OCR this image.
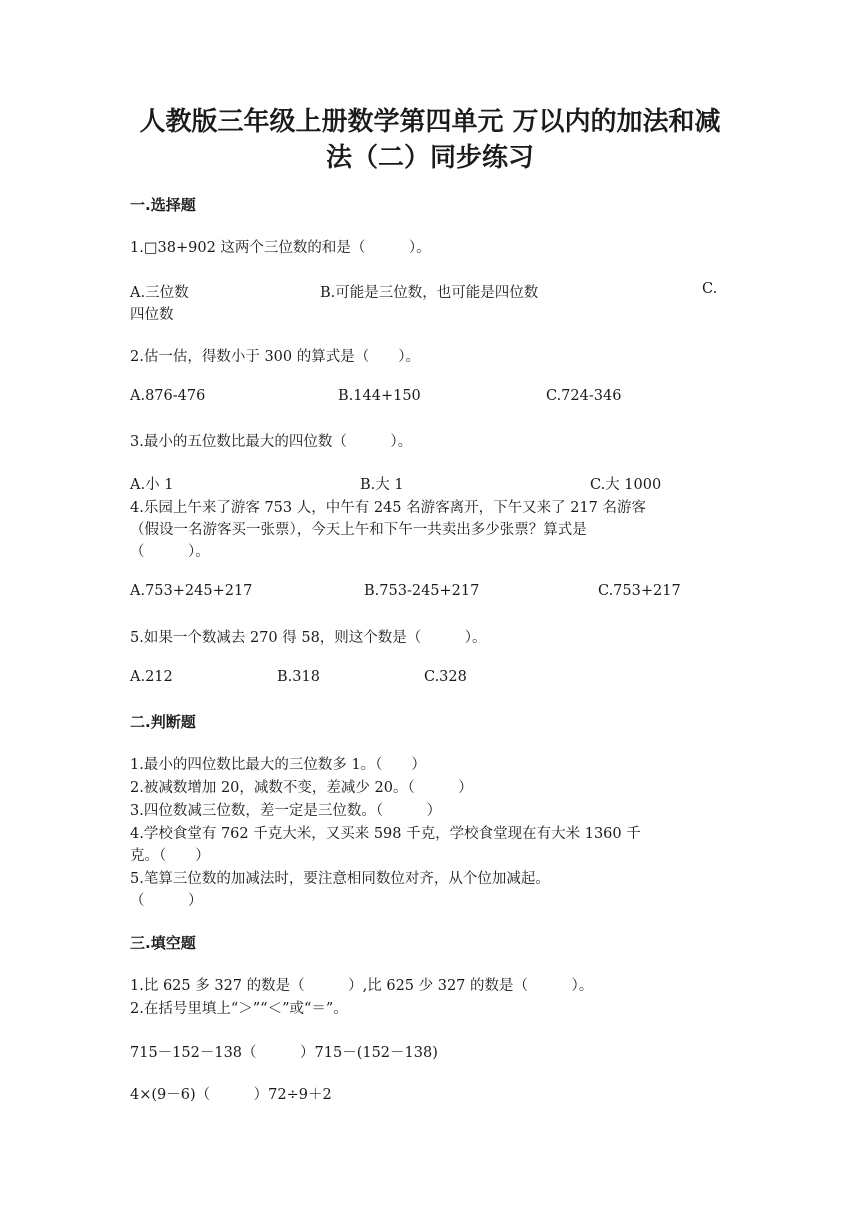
人教版三年级上册数学第四单元 万以内的加法和减
法（二）同步练习
一.选择题
1.□38+902 这两个三位数的和是（　　　）。
A.三位数	B.可能是三位数，也可能是四位数	C.
四位数
2.估一估，得数小于 300 的算式是（　　）。
A.876-476	B.144+150	C.724-346
3.最小的五位数比最大的四位数（　　　）。
A.小 1	B.大 1	C.大 1000
4.乐园上午来了游客 753 人，中午有 245 名游客离开，下午又来了 217 名游客
（假设一名游客买一张票），今天上午和下午一共卖出多少张票？算式是
（　　　）。
A.753+245+217	B.753-245+217	C.753+217
5.如果一个数减去 270 得 58，则这个数是（　　　）。
A.212	B.318	C.328
二.判断题
1.最小的四位数比最大的三位数多 1。（　　）
2.被减数增加 20，减数不变，差减少 20。（　　　）
3.四位数减三位数，差一定是三位数。（　　　）
4.学校食堂有 762 千克大米，又买来 598 千克，学校食堂现在有大米 1360 千
克。（　　）
5.笔算三位数的加减法时，要注意相同数位对齐，从个位加减起。
（　　　）
三.填空题
1.比 625 多 327 的数是（　　　）,比 625 少 327 的数是（　　　）。
2.在括号里填上“＞”“＜”或“＝”。
715－152－138（　　　）715－(152－138)
4×(9－6)（　　　）72÷9＋2
